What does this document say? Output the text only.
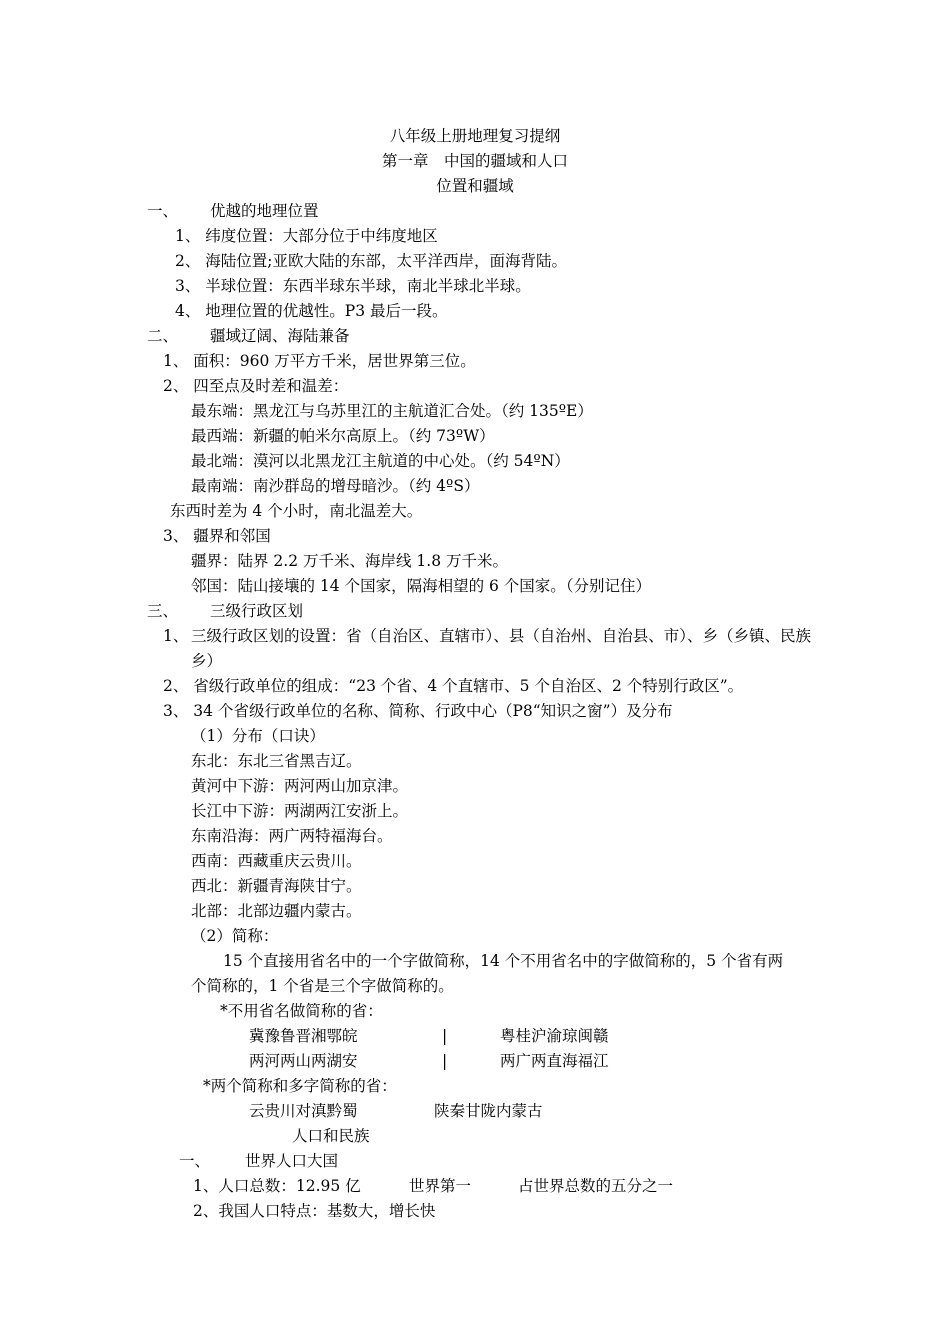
八年级上册地理复习提纲
第一章　中国的疆域和人口
位置和疆域
一、 优越的地理位置
1、 纬度位置：大部分位于中纬度地区
2、 海陆位置;亚欧大陆的东部，太平洋西岸，面海背陆。
3、 半球位置：东西半球东半球，南北半球北半球。
4、 地理位置的优越性。P3 最后一段。
二、 疆域辽阔、海陆兼备
1、 面积：960 万平方千米，居世界第三位。
2、 四至点及时差和温差：
最东端：黑龙江与乌苏里江的主航道汇合处。（约 135ºE）
最西端：新疆的帕米尔高原上。（约 73ºW）
最北端：漠河以北黑龙江主航道的中心处。（约 54ºN）
最南端：南沙群岛的增母暗沙。（约 4ºS）
东西时差为 4 个小时，南北温差大。
3、 疆界和邻国
疆界：陆界 2.2 万千米、海岸线 1.8 万千米。
邻国：陆山接壤的 14 个国家，隔海相望的 6 个国家。（分别记住）
三、 三级行政区划
1、 三级行政区划的设置：省（自治区、直辖市）、县（自治州、自治县、市）、乡（乡镇、民族
乡）
2、 省级行政单位的组成：“23 个省、4 个直辖市、5 个自治区、2 个特别行政区”。
3、 34 个省级行政单位的名称、简称、行政中心（P8“知识之窗”）及分布
（1）分布（口诀）
东北：东北三省黑吉辽。
黄河中下游：两河两山加京津。
长江中下游：两湖两江安浙上。
东南沿海：两广两特福海台。
西南：西藏重庆云贵川。
西北：新疆青海陕甘宁。
北部：北部边疆内蒙古。
（2）简称：
15 个直接用省名中的一个字做简称，14 个不用省名中的字做简称的，5 个省有两
个简称的，1 个省是三个字做简称的。
*不用省名做简称的省：
冀豫鲁晋湘鄂皖	|	粤桂沪渝琼闽赣
两河两山两湖安	|	两广两直海福江
*两个简称和多字简称的省：
云贵川对滇黔蜀	陕秦甘陇内蒙古
人口和民族
一、 世界人口大国
1、人口总数：12.95 亿	世界第一	占世界总数的五分之一
2、我国人口特点：基数大，增长快
